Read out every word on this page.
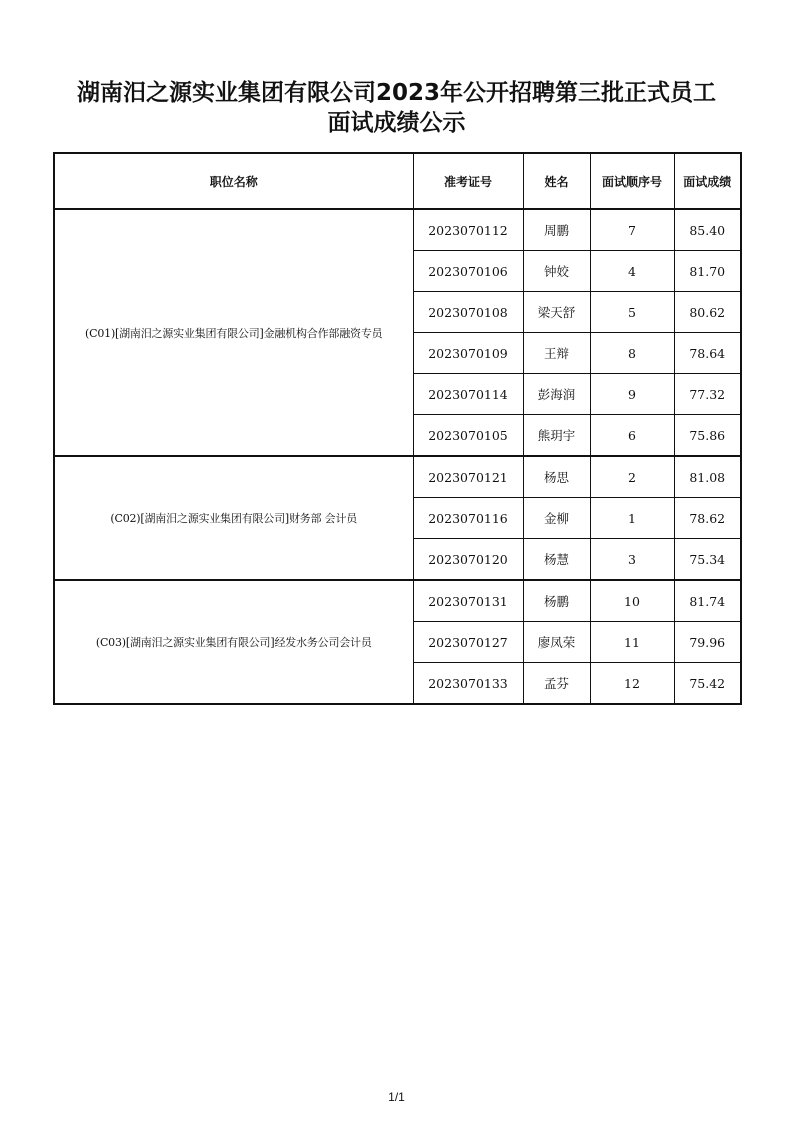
湖南汨之源实业集团有限公司2023年公开招聘第三批正式员工
面试成绩公示
职位名称	准考证号	姓名	面试顺序号	面试成绩
(C01)[湖南汨之源实业集团有限公司]金融机构合作部融资专员	2023070112	周鹏	7	85.40
	2023070106	钟姣	4	81.70
	2023070108	梁天舒	5	80.62
	2023070109	王辩	8	78.64
	2023070114	彭海润	9	77.32
	2023070105	熊玥宇	6	75.86
(C02)[湖南汨之源实业集团有限公司]财务部 会计员	2023070121	杨思	2	81.08
	2023070116	金柳	1	78.62
	2023070120	杨慧	3	75.34
(C03)[湖南汨之源实业集团有限公司]经发水务公司会计员	2023070131	杨鹏	10	81.74
	2023070127	廖凤荣	11	79.96
	2023070133	孟芬	12	75.42
1/1
